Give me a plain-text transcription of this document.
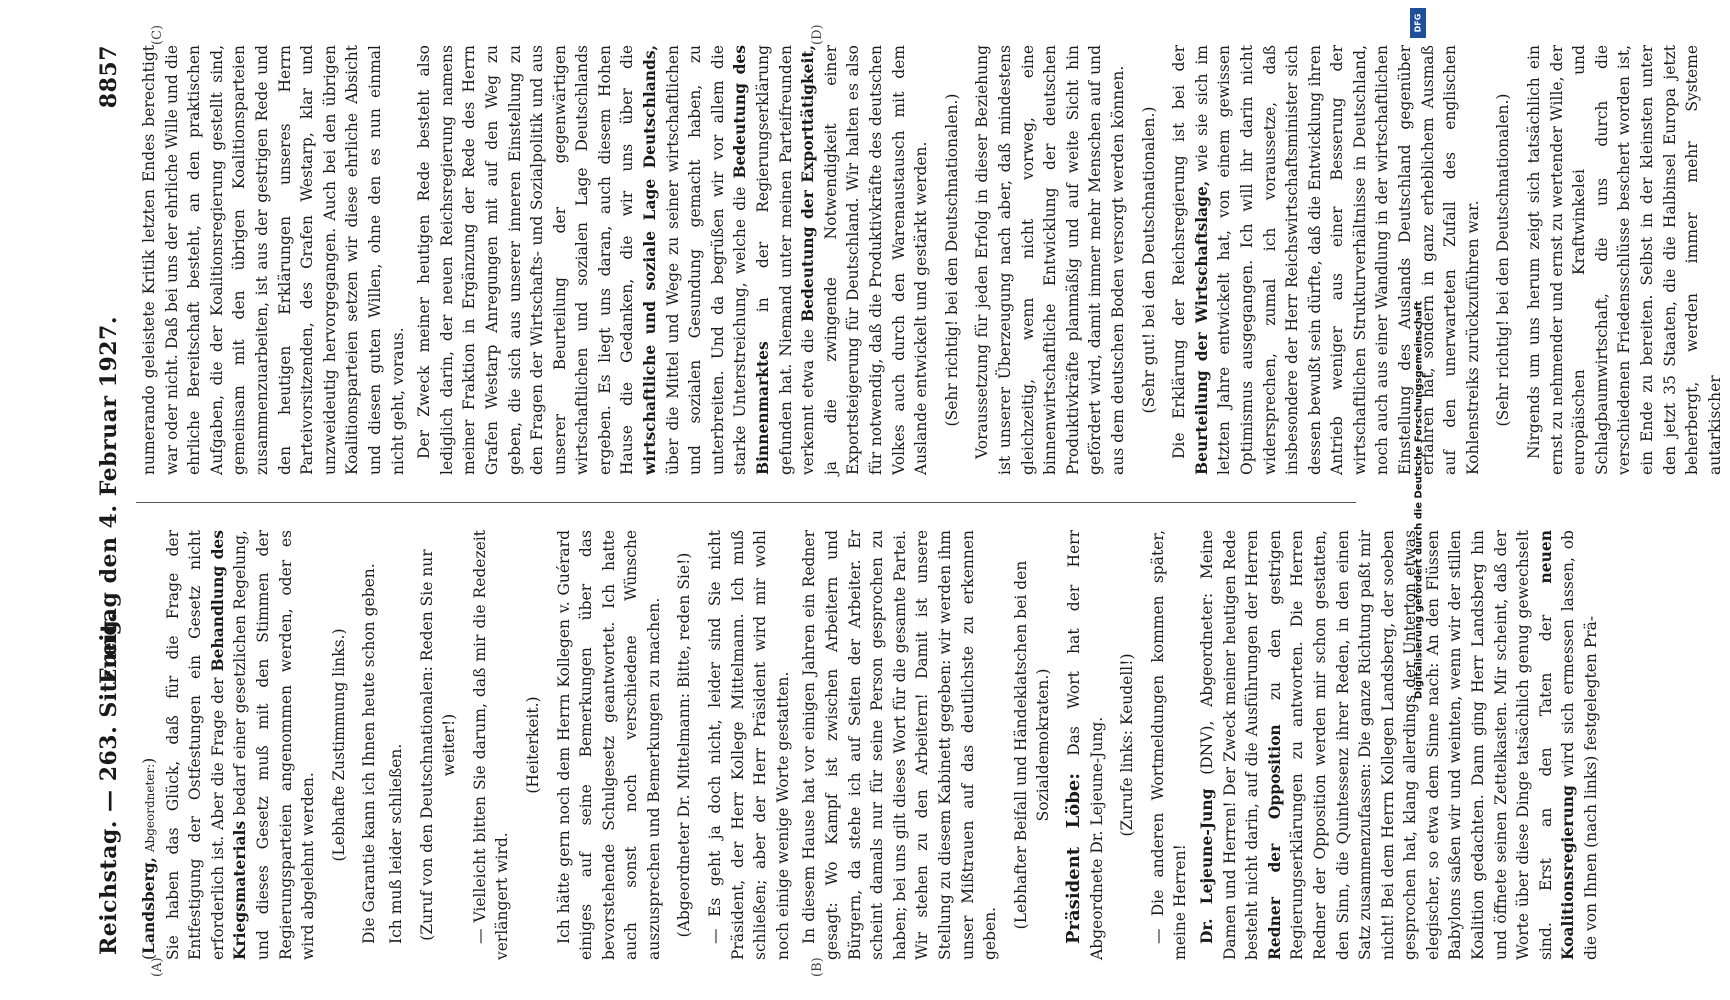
Reichstag. — 263. Sitzung.
Freitag den 4. Februar 1927.
8857
(A)	(B)
(C)	(D)

(Landsberg, Abgeordneter:) Sie haben das Glück, daß für die Frage der Entfestigung der Ostfestungen ein Gesetz nicht erforderlich ist. Aber die Frage der Behandlung des Kriegsmaterials bedarf einer gesetzlichen Regelung, und dieses Gesetz muß mit den Stimmen der Regierungsparteien angenommen werden, oder es wird abgelehnt werden.

(Lebhafte Zustimmung links.) Die Garantie kann ich Ihnen heute schon geben. Ich muß leider schließen. (Zuruf von den Deutschnationalen: Reden Sie nur weiter!) — Vielleicht bitten Sie darum, daß mir die Redezeit verlängert wird.

(Heiterkeit.) Ich hätte gern noch dem Herrn Kollegen v. Guérard einiges auf seine Bemerkungen über das bevorstehende Schulgesetz geantwortet. Ich hatte auch sonst noch verschiedene Wünsche auszusprechen und Bemerkungen zu machen. (Abgeordneter Dr. Mittelmann: Bitte, reden Sie!) — Es geht ja doch nicht, leider sind Sie nicht Präsident, der Herr Kollege Mittelmann. Ich muß schließen; aber der Herr Präsident wird mir wohl noch einige wenige Worte gestatten. In diesem Hause hat vor einigen Jahren ein Redner gesagt: Wo Kampf ist zwischen Arbeitern und Bürgern, da stehe ich auf Seiten der Arbeiter. Er scheint damals nur für seine Person gesprochen zu haben; bei uns gilt dieses Wort für die gesamte Partei. Wir stehen zu den Arbeitern! Damit ist unsere Stellung zu diesem Kabinett gegeben: wir werden ihm unser Mißtrauen auf das deutlichste zu erkennen geben.

(Lebhafter Beifall und Händeklatschen bei den Sozialdemokraten.)

Präsident Löbe: Das Wort hat der Herr Abgeordnete Dr. Lejeune-Jung. (Zurufe links: Keudell!) — Die anderen Wortmeldungen kommen später, meine Herren! Dr. Lejeune-Jung (DNV), Abgeordneter: Meine Damen und Herren! Der Zweck meiner heutigen Rede besteht nicht darin, auf die Ausführungen der Herren Redner der Opposition zu den gestrigen Regierungserklärungen zu antworten. Die Herren Redner der Opposition werden mir schon gestatten, den Sinn, die Quintessenz ihrer Reden, in den einen Satz zusammenzufassen: Die ganze Richtung paßt mir nicht! Bei dem Herrn Kollegen Landsberg, der soeben gesprochen hat, klang allerdings der Unterton etwas elegischer, so etwa dem Sinne nach: An den Flüssen Babylons saßen wir und weinten, wenn wir der stillen Koalition gedachten. Dann ging Herr Landsberg hin und öffnete seinen Zettelkasten. Mir scheint, daß der Worte über diese Dinge tatsächlich genug gewechselt sind. Erst an den Taten der neuen Koalitionsregierung wird sich ermessen lassen, ob die von Ihnen (nach links) festgelegten Prä-

numerando geleistete Kritik letzten Endes berechtigt war oder nicht. Daß bei uns der ehrliche Wille und die ehrliche Bereitschaft besteht, an den praktischen Aufgaben, die der Koalitionsregierung gestellt sind, gemeinsam mit den übrigen Koalitionsparteien zusammenzuarbeiten, ist aus der gestrigen Rede und den heutigen Erklärungen unseres Herrn Parteivorsitzenden, des Grafen Westarp, klar und unzweideutig hervorgegangen. Auch bei den übrigen Koalitionsparteien setzen wir diese ehrliche Absicht und diesen guten Willen, ohne den es nun einmal nicht geht, voraus. Der Zweck meiner heutigen Rede besteht also lediglich darin, der neuen Reichsregierung namens meiner Fraktion in Ergänzung der Rede des Herrn Grafen Westarp Anregungen mit auf den Weg zu geben, die sich aus unserer inneren Einstellung zu den Fragen der Wirtschafts- und Sozialpolitik und aus unserer Beurteilung der gegenwärtigen wirtschaftlichen und sozialen Lage Deutschlands ergeben. Es liegt uns daran, auch diesem Hohen Hause die Gedanken, die wir uns über die wirtschaftliche und soziale Lage Deutschlands, über die Mittel und Wege zu seiner wirtschaftlichen und sozialen Gesundung gemacht haben, zu unterbreiten. Und da begrüßen wir vor allem die starke Unterstreichung, welche die Bedeutung des Binnenmarktes in der Regierungserklärung gefunden hat. Niemand unter meinen Parteifreunden verkennt etwa die Bedeutung der Exporttätigkeit, ja die zwingende Notwendigkeit einer Exportsteigerung für Deutschland. Wir halten es also für notwendig, daß die Produktivkräfte des deutschen Volkes auch durch den Warenaustausch mit dem Auslande entwickelt und gestärkt werden. (Sehr richtig! bei den Deutschnationalen.) Voraussetzung für jeden Erfolg in dieser Beziehung ist unserer Überzeugung nach aber, daß mindestens gleichzeitig, wenn nicht vorweg, eine binnenwirtschaftliche Entwicklung der deutschen Produktivkräfte planmäßig und auf weite Sicht hin gefördert wird, damit immer mehr Menschen auf und aus dem deutschen Boden versorgt werden können. (Sehr gut! bei den Deutschnationalen.) Die Erklärung der Reichsregierung ist bei der Beurteilung der Wirtschaftslage, wie sie sich im letzten Jahre entwickelt hat, von einem gewissen Optimismus ausgegangen. Ich will ihr darin nicht widersprechen, zumal ich voraussetze, daß insbesondere der Herr Reichswirtschaftsminister sich dessen bewußt sein dürfte, daß die Entwicklung ihren Antrieb weniger aus einer Besserung der wirtschaftlichen Strukturverhältnisse in Deutschland, noch auch aus einer Wandlung in der wirtschaftlichen Einstellung des Auslands Deutschland gegenüber erfahren hat, sondern in ganz erheblichem Ausmaß auf den unerwarteten Zufall des englischen Kohlenstreiks zurückzuführen war. (Sehr richtig! bei den Deutschnationalen.) Nirgends um uns herum zeigt sich tatsächlich ein ernst zu nehmender und ernst zu wertender Wille, der europäischen Kraftwinkelei und Schlagbaumwirtschaft, die uns durch die verschiedenen Friedensschlüsse beschert worden ist, ein Ende zu bereiten. Selbst in der kleinsten unter den jetzt 35 Staaten, die die Halbinsel Europa jetzt beherbergt, werden immer mehr Systeme autarkischer

DFG
Digitalisierung gefördert durch die Deutsche Forschungsgemeinschaft
